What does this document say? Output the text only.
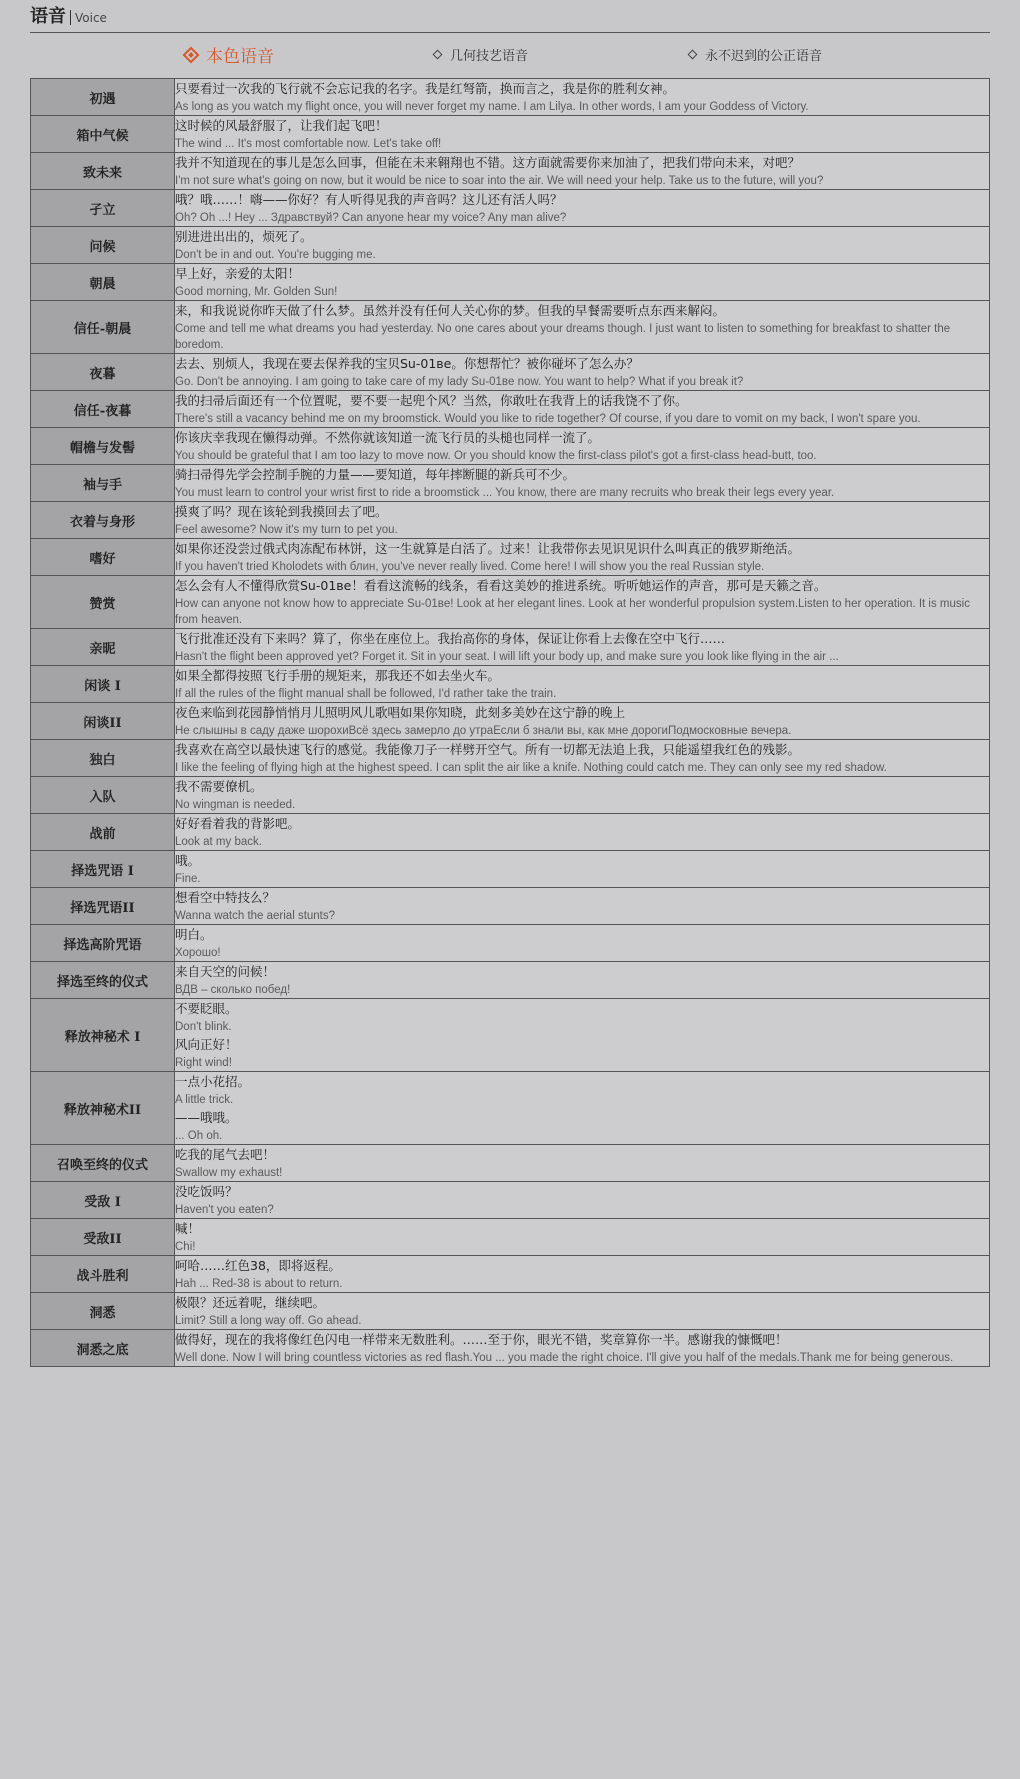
语音 Voice
本色语音	几何技艺语音	永不迟到的公正语音
初遇	只要看过一次我的飞行就不会忘记我的名字。我是红弩箭，换而言之，我是你的胜利女神。
As long as you watch my flight once, you will never forget my name. I am Lilya. In other words, I am your Goddess of Victory.

箱中气候	这时候的风最舒服了，让我们起飞吧！
The wind ... It's most comfortable now. Let's take off!

致未来	我并不知道现在的事儿是怎么回事，但能在未来翱翔也不错。这方面就需要你来加油了，把我们带向未来，对吧？
I'm not sure what's going on now, but it would be nice to soar into the air. We will need your help. Take us to the future, will you?

孑立	哦？哦……！嗨——你好？有人听得见我的声音吗？这儿还有活人吗？
Oh? Oh ...! Hey ... Здравствуй? Can anyone hear my voice? Any man alive?

问候	别进进出出的，烦死了。
Don't be in and out. You're bugging me.

朝晨	早上好，亲爱的太阳！
Good morning, Mr. Golden Sun!

信任-朝晨	来，和我说说你昨天做了什么梦。虽然并没有任何人关心你的梦。但我的早餐需要听点东西来解闷。
Come and tell me what dreams you had yesterday. No one cares about your dreams though. I just want to listen to something for breakfast to shatter the boredom.

夜暮	去去、别烦人，我现在要去保养我的宝贝Su-01вe。你想帮忙？被你碰坏了怎么办？
Go. Don't be annoying. I am going to take care of my lady Su-01вe now. You want to help? What if you break it?

信任-夜暮	我的扫帚后面还有一个位置呢，要不要一起兜个风？当然，你敢吐在我背上的话我饶不了你。
There's still a vacancy behind me on my broomstick. Would you like to ride together? Of course, if you dare to vomit on my back, I won't spare you.

帽檐与发髻	你该庆幸我现在懒得动弹。不然你就该知道一流飞行员的头槌也同样一流了。
You should be grateful that I am too lazy to move now. Or you should know the first-class pilot's got a first-class head-butt, too.

袖与手	骑扫帚得先学会控制手腕的力量——要知道，每年摔断腿的新兵可不少。
You must learn to control your wrist first to ride a broomstick ... You know, there are many recruits who break their legs every year.

衣着与身形	摸爽了吗？现在该轮到我摸回去了吧。
Feel awesome? Now it's my turn to pet you.

嗜好	如果你还没尝过俄式肉冻配布林饼，这一生就算是白活了。过来！让我带你去见识见识什么叫真正的俄罗斯绝活。
If you haven't tried Kholodets with блин, you've never really lived. Come here! I will show you the real Russian style.

赞赏	怎么会有人不懂得欣赏Su-01вe！看看这流畅的线条，看看这美妙的推进系统。听听她运作的声音，那可是天籁之音。
How can anyone not know how to appreciate Su-01вe! Look at her elegant lines. Look at her wonderful propulsion system.Listen to her operation. It is music from heaven.

亲昵	飞行批准还没有下来吗？算了，你坐在座位上。我抬高你的身体，保证让你看上去像在空中飞行……
Hasn't the flight been approved yet? Forget it. Sit in your seat. I will lift your body up, and make sure you look like flying in the air ...

闲谈 I	如果全都得按照飞行手册的规矩来，那我还不如去坐火车。
If all the rules of the flight manual shall be followed, I'd rather take the train.

闲谈II	夜色来临到花园静悄悄月儿照明风儿歌唱如果你知晓，此刻多美妙在这宁静的晚上
Не слышны в саду даже шорохиВсё здесь замерло до утраЕсли б знали вы, как мне дорогиПодмосковные вечера.

独白	我喜欢在高空以最快速飞行的感觉。我能像刀子一样劈开空气。所有一切都无法追上我，只能遥望我红色的残影。
I like the feeling of flying high at the highest speed. I can split the air like a knife. Nothing could catch me. They can only see my red shadow.

入队	我不需要僚机。
No wingman is needed.

战前	好好看着我的背影吧。
Look at my back.

择选咒语 I	哦。
Fine.

择选咒语II	想看空中特技么？
Wanna watch the aerial stunts?

择选高阶咒语	明白。
Хорошо!

择选至终的仪式	来自天空的问候！
ВДВ – сколько побед!

释放神秘术 I	不要眨眼。
Don't blink.
风向正好！
Right wind!

释放神秘术II	一点小花招。
A little trick.
——哦哦。
... Oh oh.

召唤至终的仪式	吃我的尾气去吧！
Swallow my exhaust!

受敌 I	没吃饭吗？
Haven't you eaten?

受敌II	喊！
Chi!

战斗胜利	呵哈……红色38，即将返程。
Hah ... Red-38 is about to return.

洞悉	极限？还远着呢，继续吧。
Limit? Still a long way off. Go ahead.

洞悉之底	做得好，现在的我将像红色闪电一样带来无数胜利。……至于你，眼光不错，奖章算你一半。感谢我的慷慨吧！
Well done. Now I will bring countless victories as red flash.You ... you made the right choice. I'll give you half of the medals.Thank me for being generous.
